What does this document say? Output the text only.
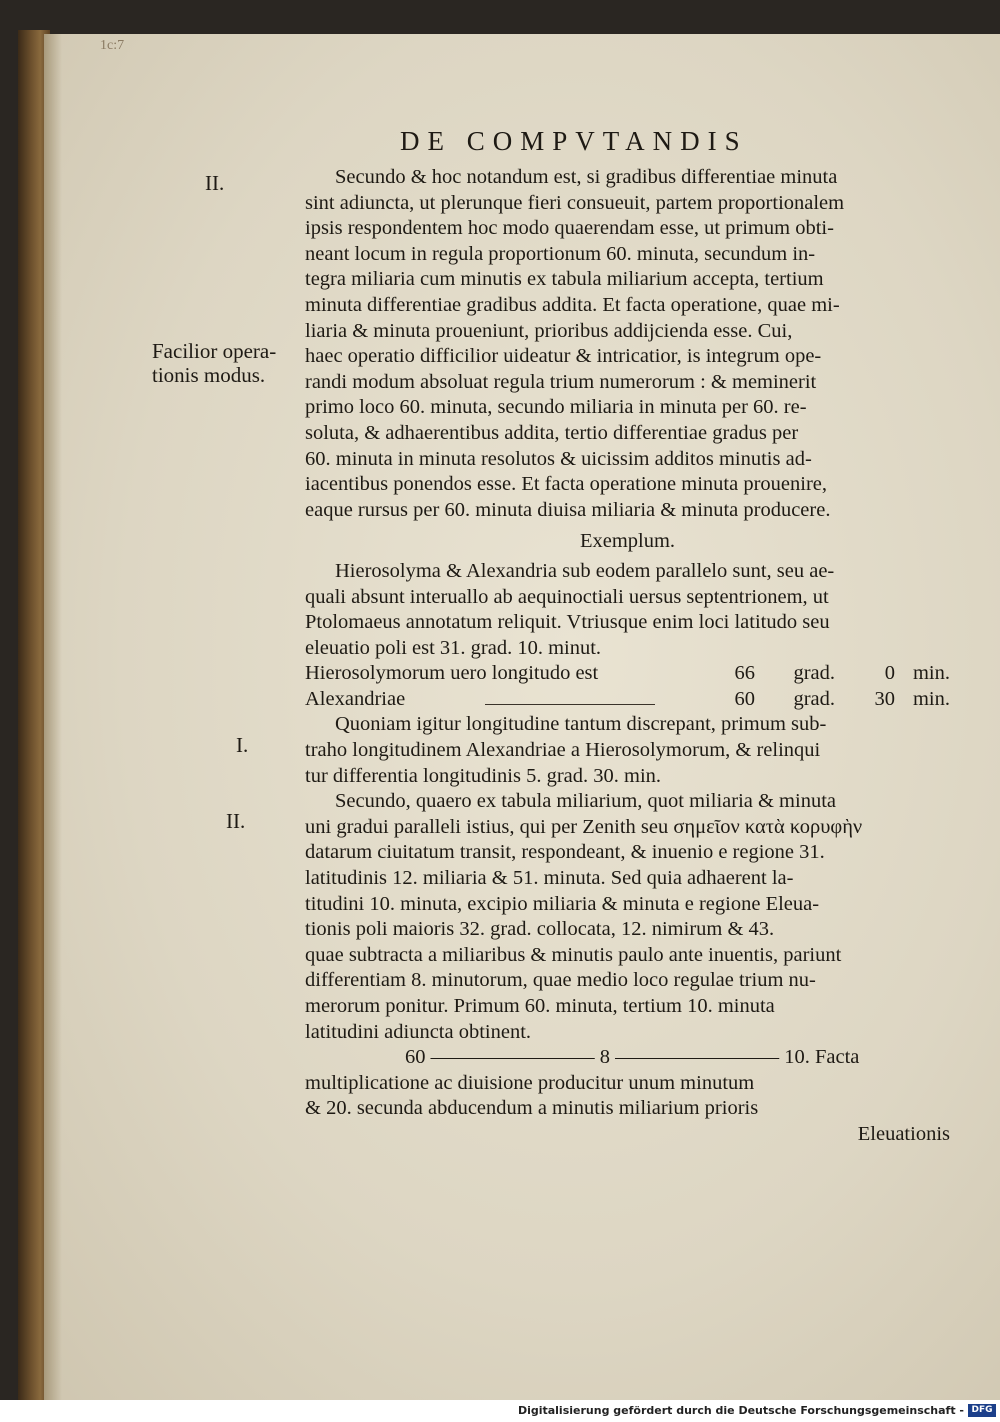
1c:7
DE COMPVTANDIS
II.
Facilior opera-
tionis modus.
I.
II.
Secundo & hoc notandum est, si gradibus differentiae minuta
sint adiuncta, ut plerunque fieri consueuit, partem proportionalem
ipsis respondentem hoc modo quaerendam esse, ut primum obti-
neant locum in regula proportionum 60. minuta, secundum in-
tegra miliaria cum minutis ex tabula miliarium accepta, tertium
minuta differentiae gradibus addita. Et facta operatione, quae mi-
liaria & minuta proueniunt, prioribus addijcienda esse. Cui,
haec operatio difficilior uideatur & intricatior, is integrum ope-
randi modum absoluat regula trium numerorum : & meminerit
primo loco 60. minuta, secundo miliaria in minuta per 60. re-
soluta, & adhaerentibus addita, tertio differentiae gradus per
60. minuta in minuta resolutos & uicissim additos minutis ad-
iacentibus ponendos esse. Et facta operatione minuta prouenire,
eaque rursus per 60. minuta diuisa miliaria & minuta producere.
Exemplum.
Hierosolyma & Alexandria sub eodem parallelo sunt, seu ae-
quali absunt interuallo ab aequinoctiali uersus septentrionem, ut
Ptolomaeus annotatum reliquit. Vtriusque enim loci latitudo seu
eleuatio poli est 31. grad. 10. minut.
Hierosolymorum uero longitudo est	66	grad.	0 min.
Alexandriae	60	grad.	30 min.
Quoniam igitur longitudine tantum discrepant, primum sub-
traho longitudinem Alexandriae a Hierosolymorum, & relinqui
tur differentia longitudinis 5. grad. 30. min.
Secundo, quaero ex tabula miliarium, quot miliaria & minuta
uni gradui paralleli istius, qui per Zenith seu σημεῖον κατὰ κορυφὴν
datarum ciuitatum transit, respondeant, & inuenio e regione 31.
latitudinis 12. miliaria & 51. minuta. Sed quia adhaerent la-
titudini 10. minuta, excipio miliaria & minuta e regione Eleua-
tionis poli maioris 32. grad. collocata, 12. nimirum & 43.
quae subtracta a miliaribus & minutis paulo ante inuentis, pariunt
differentiam 8. minutorum, quae medio loco regulae trium nu-
merorum ponitur. Primum 60. minuta, tertium 10. minuta
latitudini adiuncta obtinent.
60 ———————— 8 ———————— 10. Facta
multiplicatione ac diuisione producitur unum minutum
& 20. secunda abducendum a minutis miliarium prioris
Eleuationis
Digitalisierung gefördert durch die Deutsche Forschungsgemeinschaft - DFG
